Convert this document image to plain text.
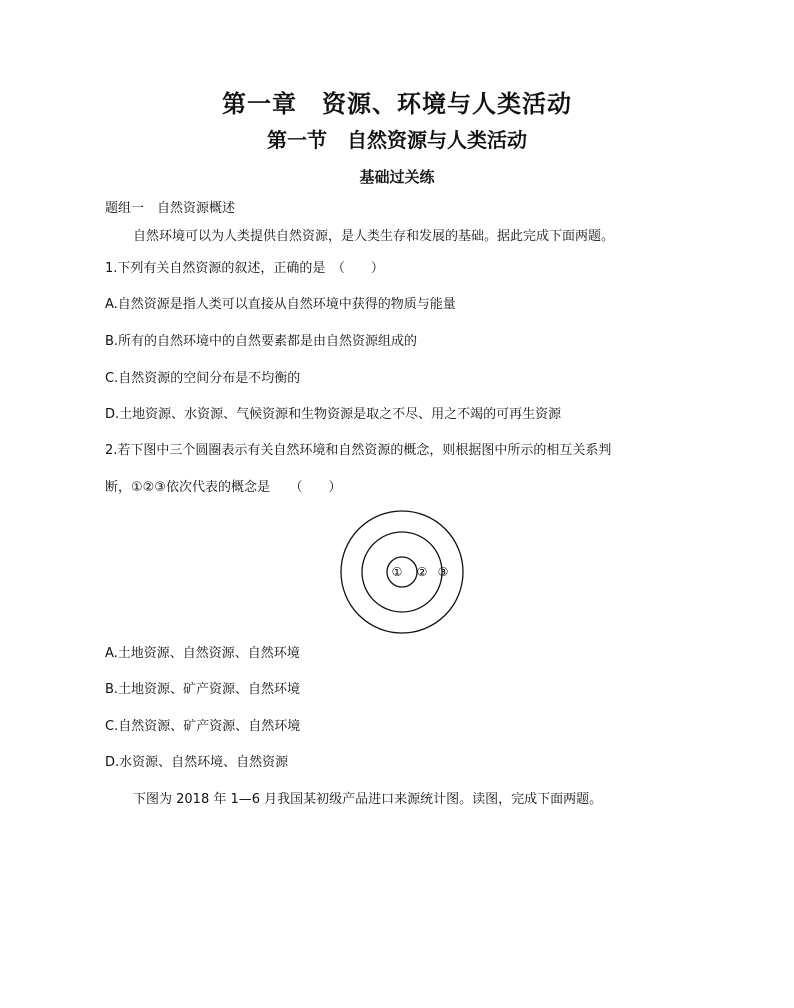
第一章　资源、环境与人类活动
第一节　自然资源与人类活动
基础过关练
题组一　自然资源概述
自然环境可以为人类提供自然资源，是人类生存和发展的基础。据此完成下面两题。
1.下列有关自然资源的叙述，正确的是　（　　）
A.自然资源是指人类可以直接从自然环境中获得的物质与能量
B.所有的自然环境中的自然要素都是由自然资源组成的
C.自然资源的空间分布是不均衡的
D.土地资源、水资源、气候资源和生物资源是取之不尽、用之不竭的可再生资源
2.若下图中三个圆圈表示有关自然环境和自然资源的概念，则根据图中所示的相互关系判
断，①②③依次代表的概念是　　（　　）
① ② ③
A.土地资源、自然资源、自然环境
B.土地资源、矿产资源、自然环境
C.自然资源、矿产资源、自然环境
D.水资源、自然环境、自然资源
下图为 2018 年 1—6 月我国某初级产品进口来源统计图。读图，完成下面两题。
